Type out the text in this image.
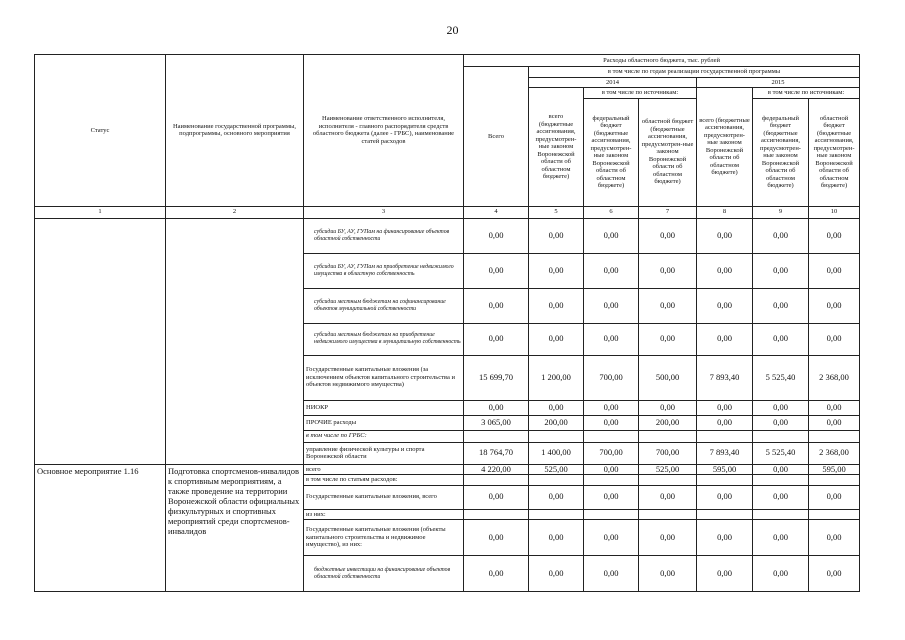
20
Статус	Наименование государственной программы, подпрограммы, основного мероприятия	Наименование ответственного исполнителя, исполнителя - главного распорядителя средств областного бюджета (далее - ГРБС), наименование статей расходов	Расходы областного бюджета, тыс. рублей						
			Всего	в том числе по годам реализации государственной программы					
				2014			2015		
				всего (бюджетные ассигнования, предусмотрен-ные законом Воронежской области об областном бюджете)	в том числе по источникам:		всего (бюджетные ассигнования, предусмотрен-ные законом Воронежской области об областном бюджете)	в том числе по источникам:	
					федеральный бюджет (бюджетные ассигнования, предусмотрен-ные законом Воронежской области об областном бюджете)	областной бюджет (бюджетные ассигнования, предусмотрен-ные законом Воронежской области об областном бюджете)		федеральный бюджет (бюджетные ассигнования, предусмотрен-ные законом Воронежской области об областном бюджете)	областной бюджет (бюджетные ассигнования, предусмотрен-ные законом Воронежской области об областном бюджете)
1	2	3	4	5	6	7	8	9	10
		субсидии БУ, АУ, ГУПам на финансирование объектов областной собственности	0,00	0,00	0,00	0,00	0,00	0,00	0,00
		субсидии БУ, АУ, ГУПам на приобретение недвижимого имущества в областную собственность	0,00	0,00	0,00	0,00	0,00	0,00	0,00
		субсидии местным бюджетам на софинансирование объектов муниципальной собственности	0,00	0,00	0,00	0,00	0,00	0,00	0,00
		субсидии местным бюджетам на приобретение недвижимого имущества в муниципальную собственность	0,00	0,00	0,00	0,00	0,00	0,00	0,00
		Государственные капитальные вложения (за исключением объектов капитального строительства и объектов недвижимого имущества)	15 699,70	1 200,00	700,00	500,00	7 893,40	5 525,40	2 368,00
		НИОКР	0,00	0,00	0,00	0,00	0,00	0,00	0,00
		ПРОЧИЕ расходы	3 065,00	200,00	0,00	200,00	0,00	0,00	0,00
		в том числе по ГРБС:							
		управление физической культуры и спорта Воронежской области	18 764,70	1 400,00	700,00	700,00	7 893,40	5 525,40	2 368,00
Основное мероприятие 1.16	Подготовка спортсменов-инвалидов к спортивным мероприятиям, а также проведение на территории Воронежской области официальных физкультурных и спортивных мероприятий среди спортсменов-инвалидов	всего	4 220,00	525,00	0,00	525,00	595,00	0,00	595,00
		в том числе по статьям расходов:							
		Государственные капитальные вложения, всего	0,00	0,00	0,00	0,00	0,00	0,00	0,00
		из них:							
		Государственные капитальные вложения (объекты капитального строительства и недвижимое имущество), из них:	0,00	0,00	0,00	0,00	0,00	0,00	0,00
		бюджетные инвестиции на финансирование объектов областной собственности	0,00	0,00	0,00	0,00	0,00	0,00	0,00
